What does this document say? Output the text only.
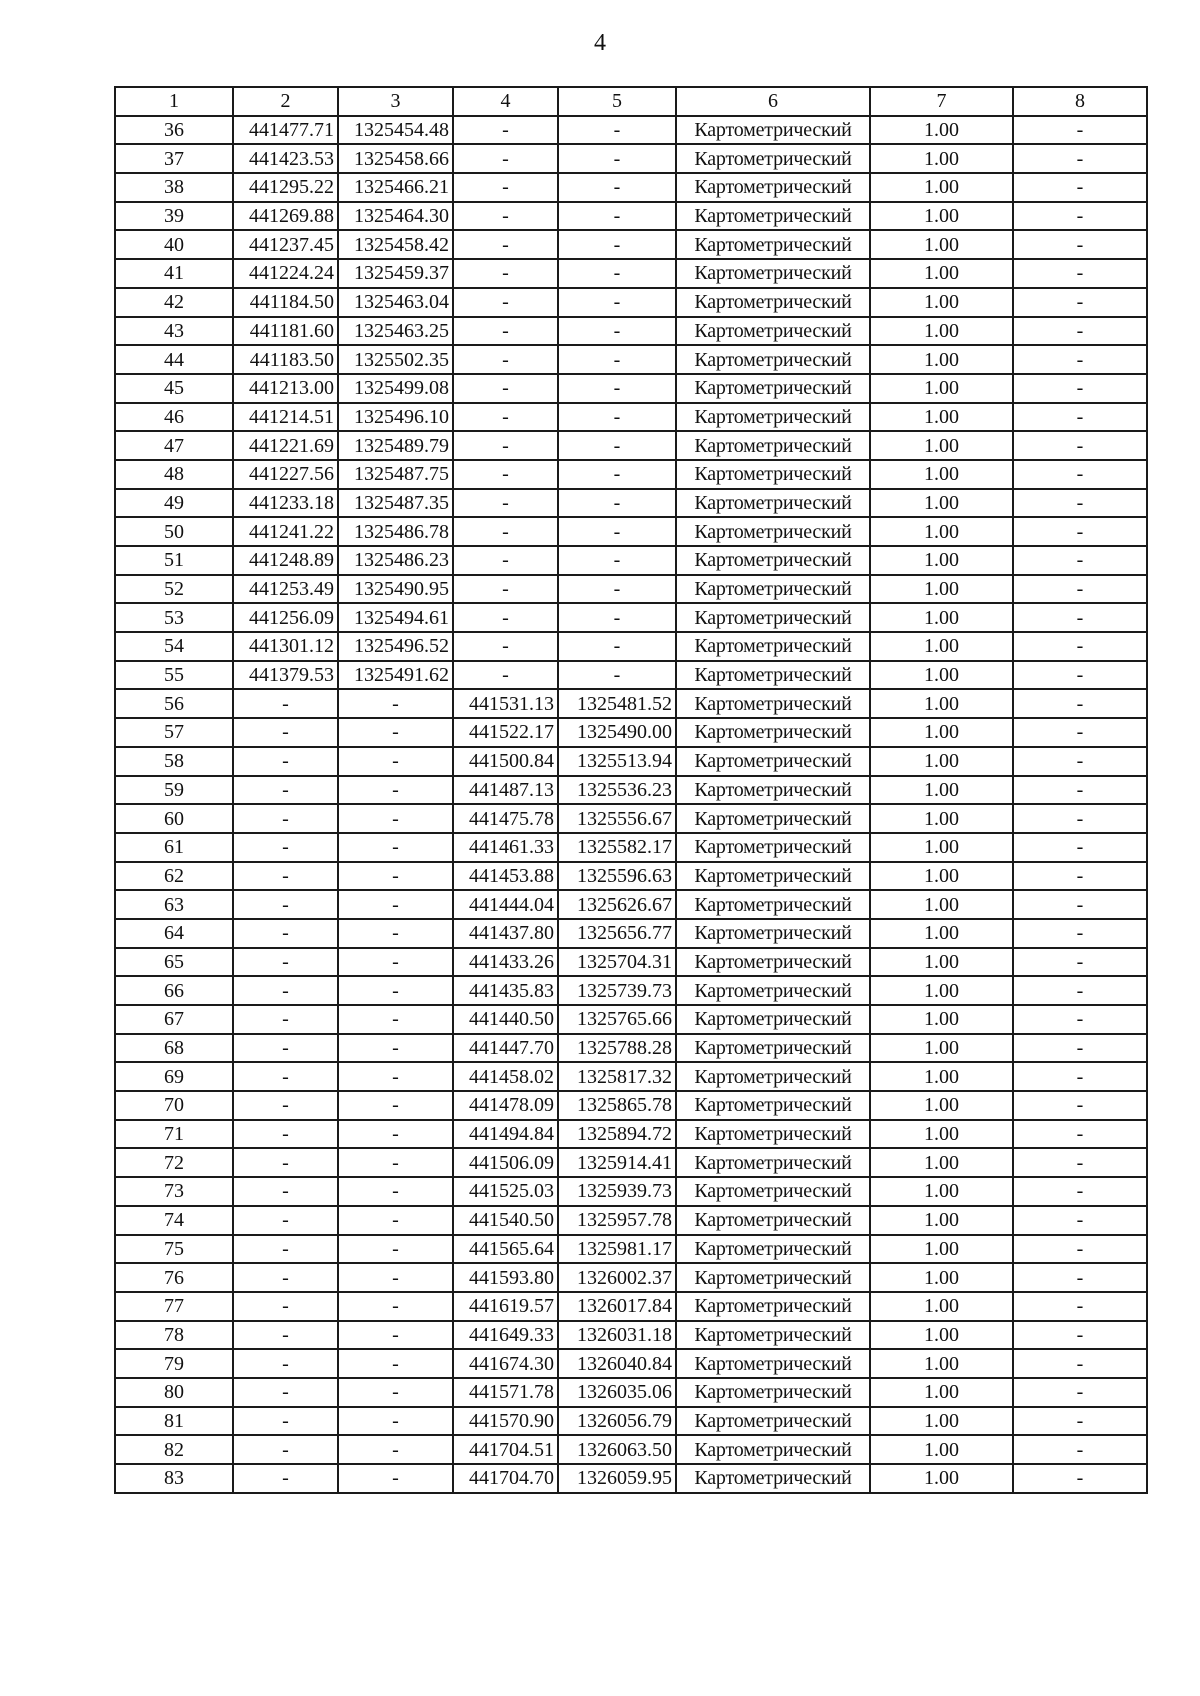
4
1	2	3	4	5	6	7	8
36	441477.71	1325454.48	-	-	Картометрический	1.00	-
37	441423.53	1325458.66	-	-	Картометрический	1.00	-
38	441295.22	1325466.21	-	-	Картометрический	1.00	-
39	441269.88	1325464.30	-	-	Картометрический	1.00	-
40	441237.45	1325458.42	-	-	Картометрический	1.00	-
41	441224.24	1325459.37	-	-	Картометрический	1.00	-
42	441184.50	1325463.04	-	-	Картометрический	1.00	-
43	441181.60	1325463.25	-	-	Картометрический	1.00	-
44	441183.50	1325502.35	-	-	Картометрический	1.00	-
45	441213.00	1325499.08	-	-	Картометрический	1.00	-
46	441214.51	1325496.10	-	-	Картометрический	1.00	-
47	441221.69	1325489.79	-	-	Картометрический	1.00	-
48	441227.56	1325487.75	-	-	Картометрический	1.00	-
49	441233.18	1325487.35	-	-	Картометрический	1.00	-
50	441241.22	1325486.78	-	-	Картометрический	1.00	-
51	441248.89	1325486.23	-	-	Картометрический	1.00	-
52	441253.49	1325490.95	-	-	Картометрический	1.00	-
53	441256.09	1325494.61	-	-	Картометрический	1.00	-
54	441301.12	1325496.52	-	-	Картометрический	1.00	-
55	441379.53	1325491.62	-	-	Картометрический	1.00	-
56	-	-	441531.13	1325481.52	Картометрический	1.00	-
57	-	-	441522.17	1325490.00	Картометрический	1.00	-
58	-	-	441500.84	1325513.94	Картометрический	1.00	-
59	-	-	441487.13	1325536.23	Картометрический	1.00	-
60	-	-	441475.78	1325556.67	Картометрический	1.00	-
61	-	-	441461.33	1325582.17	Картометрический	1.00	-
62	-	-	441453.88	1325596.63	Картометрический	1.00	-
63	-	-	441444.04	1325626.67	Картометрический	1.00	-
64	-	-	441437.80	1325656.77	Картометрический	1.00	-
65	-	-	441433.26	1325704.31	Картометрический	1.00	-
66	-	-	441435.83	1325739.73	Картометрический	1.00	-
67	-	-	441440.50	1325765.66	Картометрический	1.00	-
68	-	-	441447.70	1325788.28	Картометрический	1.00	-
69	-	-	441458.02	1325817.32	Картометрический	1.00	-
70	-	-	441478.09	1325865.78	Картометрический	1.00	-
71	-	-	441494.84	1325894.72	Картометрический	1.00	-
72	-	-	441506.09	1325914.41	Картометрический	1.00	-
73	-	-	441525.03	1325939.73	Картометрический	1.00	-
74	-	-	441540.50	1325957.78	Картометрический	1.00	-
75	-	-	441565.64	1325981.17	Картометрический	1.00	-
76	-	-	441593.80	1326002.37	Картометрический	1.00	-
77	-	-	441619.57	1326017.84	Картометрический	1.00	-
78	-	-	441649.33	1326031.18	Картометрический	1.00	-
79	-	-	441674.30	1326040.84	Картометрический	1.00	-
80	-	-	441571.78	1326035.06	Картометрический	1.00	-
81	-	-	441570.90	1326056.79	Картометрический	1.00	-
82	-	-	441704.51	1326063.50	Картометрический	1.00	-
83	-	-	441704.70	1326059.95	Картометрический	1.00	-
